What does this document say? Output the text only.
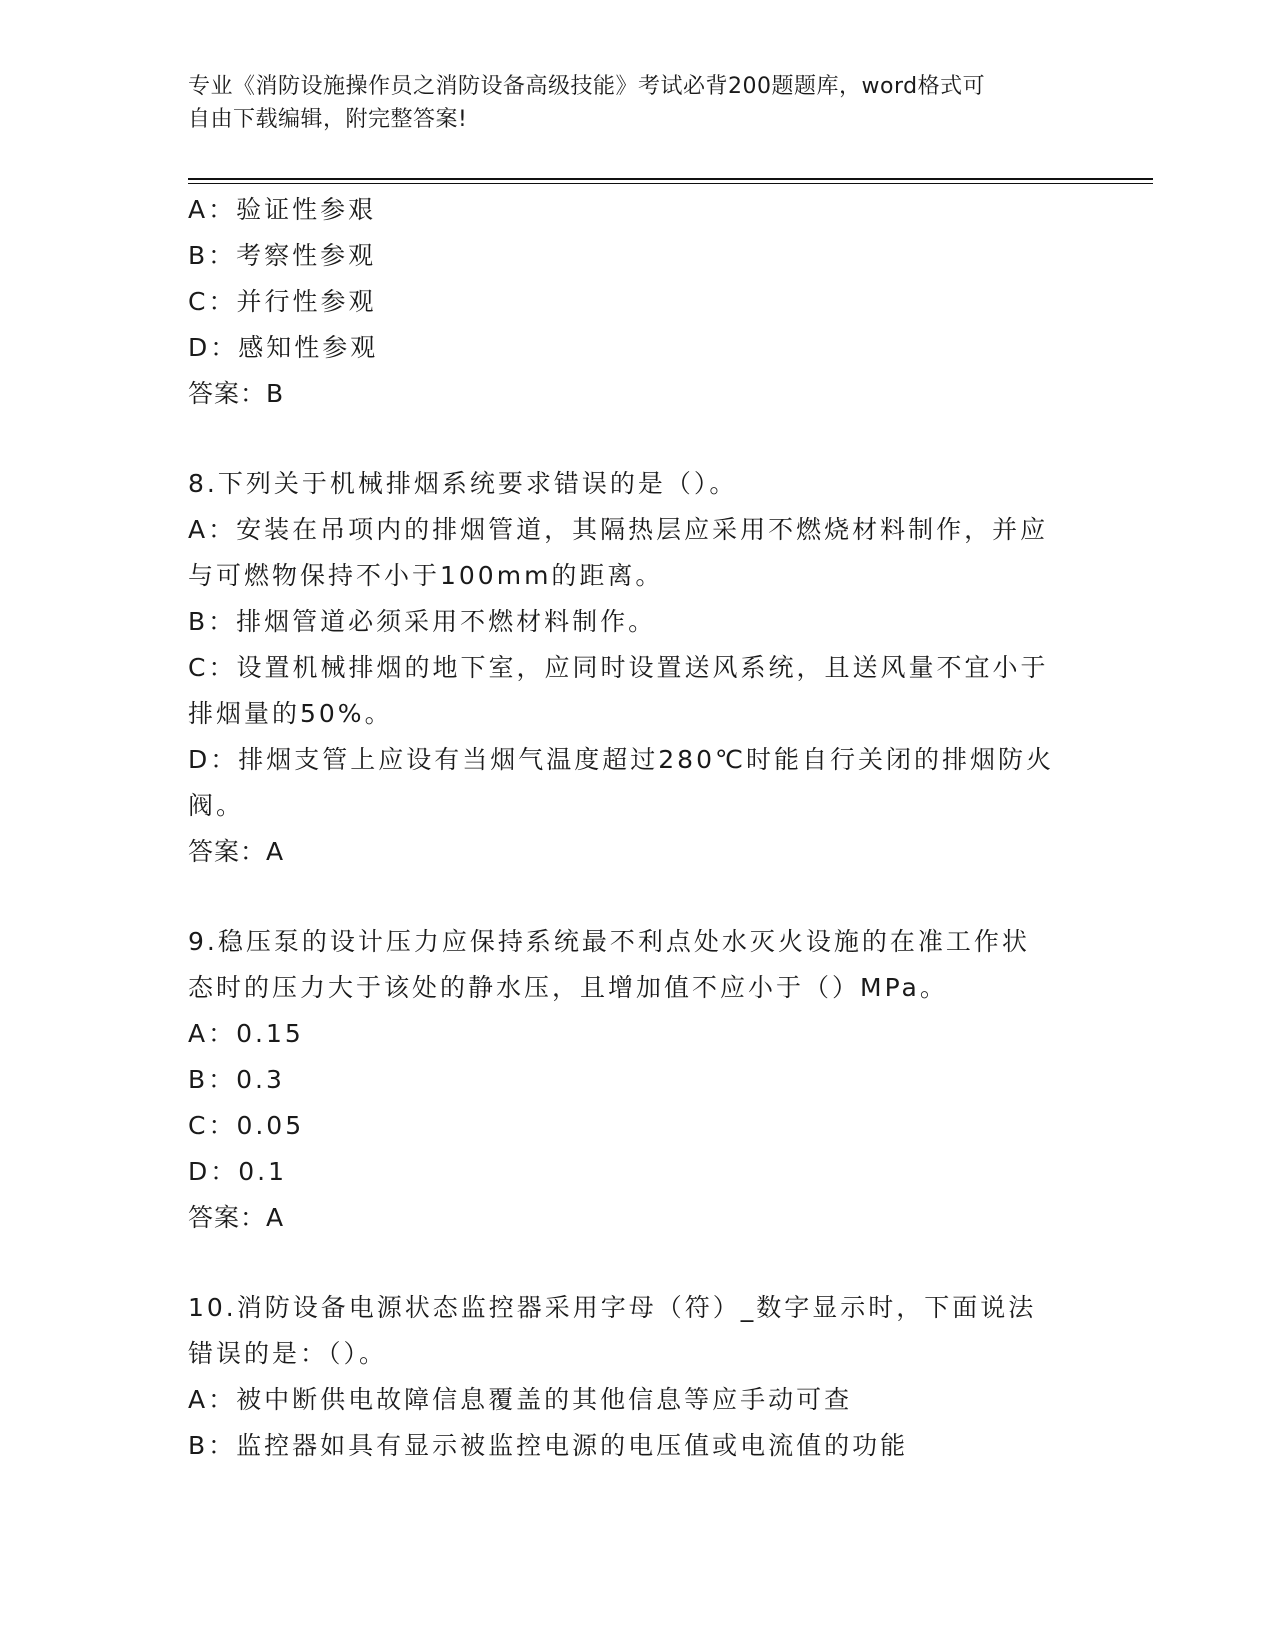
专业《消防设施操作员之消防设备高级技能》考试必背200题题库，word格式可
自由下载编辑，附完整答案!
A：验证性参艰
B：考察性参观
C：并行性参观
D：感知性参观
答案：B
8.下列关于机械排烟系统要求错误的是（）。
A：安装在吊项内的排烟管道，其隔热层应采用不燃烧材料制作，并应
与可燃物保持不小于100mm的距离。
B：排烟管道必须采用不燃材料制作。
C：设置机械排烟的地下室，应同时设置送风系统，且送风量不宜小于
排烟量的50%。
D：排烟支管上应设有当烟气温度超过280℃时能自行关闭的排烟防火
阀。
答案：A
9.稳压泵的设计压力应保持系统最不利点处水灭火设施的在准工作状
态时的压力大于该处的静水压，且增加值不应小于（）MPa。
A：0.15
B：0.3
C：0.05
D：0.1
答案：A
10.消防设备电源状态监控器采用字母（符）_数字显示时，下面说法
错误的是：（）。
A：被中断供电故障信息覆盖的其他信息等应手动可查
B：监控器如具有显示被监控电源的电压值或电流值的功能
